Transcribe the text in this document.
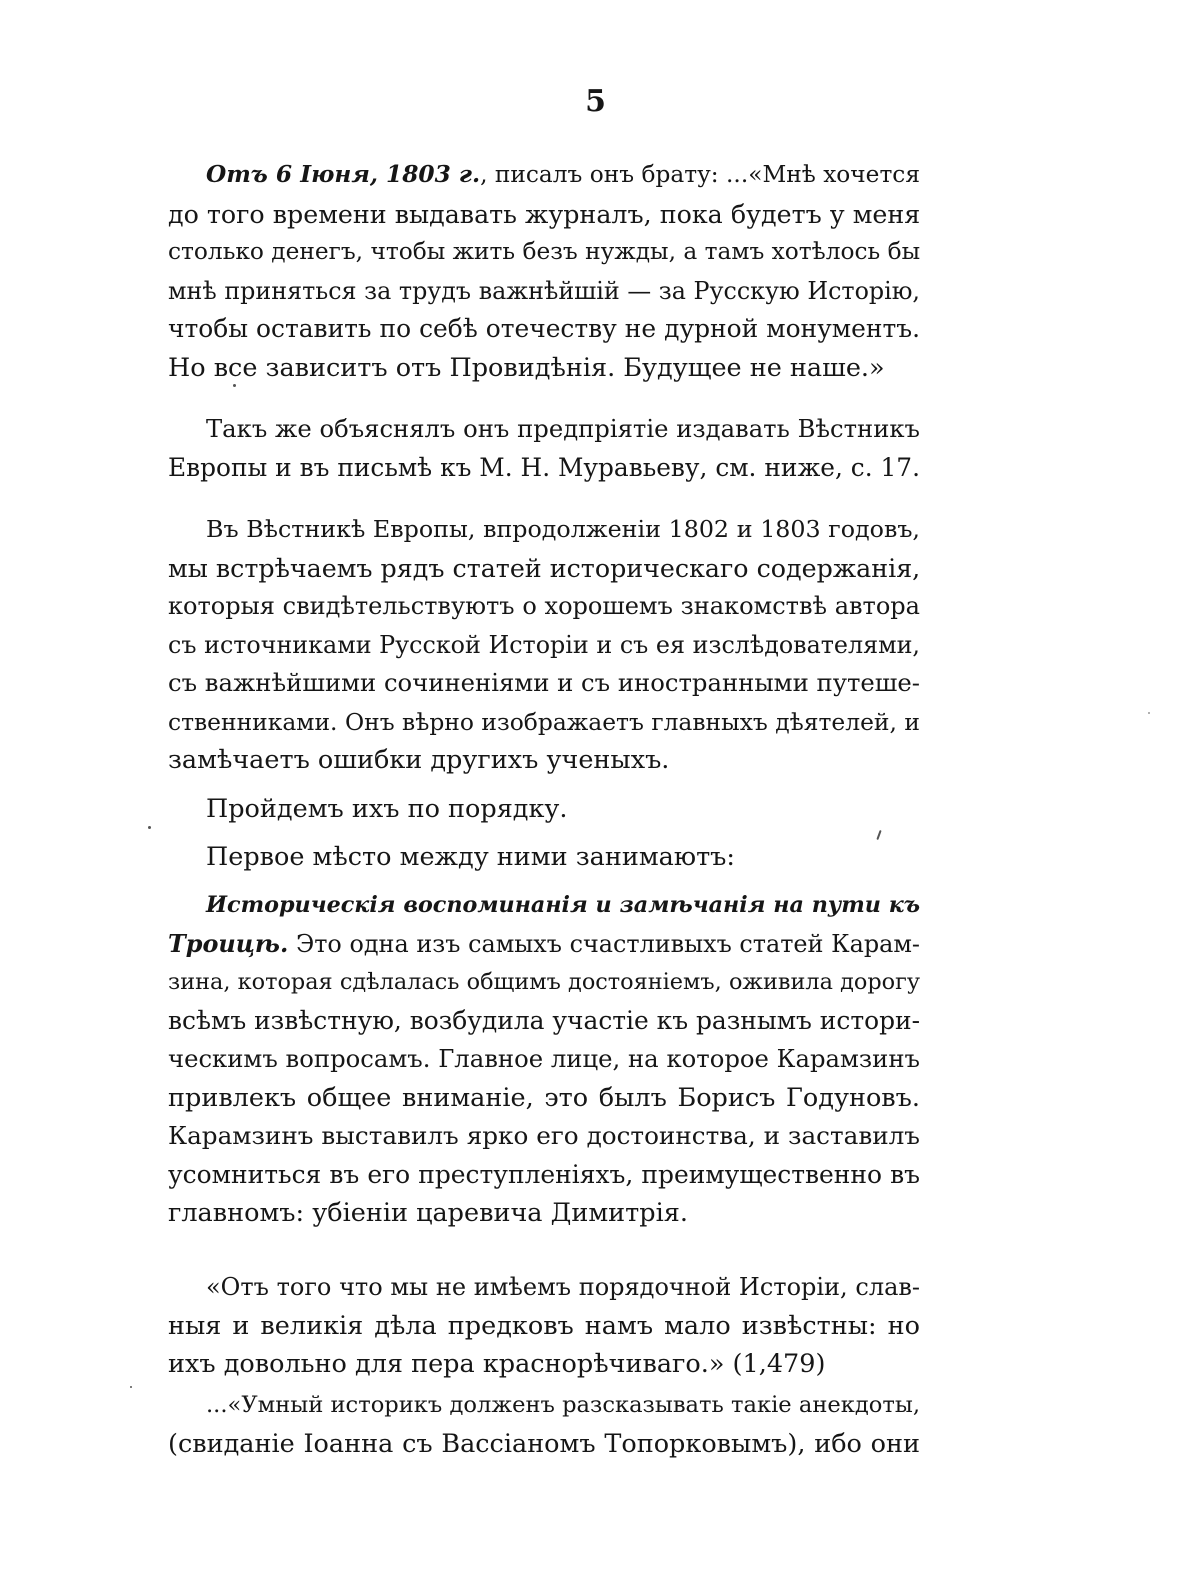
5
Отъ 6 Іюня, 1803 г., писалъ онъ брату: ...«Мнѣ хочется
до того времени выдавать журналъ, пока будетъ у меня
столько денегъ, чтобы жить безъ нужды, а тамъ хотѣлось бы
мнѣ приняться за трудъ важнѣйшій — за Русскую Исторію,
чтобы оставить по себѣ отечеству не дурной монументъ.
Но все зависитъ отъ Провидѣнія. Будущее не наше.»
Такъ же объяснялъ онъ предпріятіе издавать Вѣстникъ
Европы и въ письмѣ къ М. Н. Муравьеву, см. ниже, с. 17.
Въ Вѣстникѣ Европы, впродолженіи 1802 и 1803 годовъ,
мы встрѣчаемъ рядъ статей историческаго содержанія,
которыя свидѣтельствуютъ о хорошемъ знакомствѣ автора
съ источниками Русской Исторіи и съ ея изслѣдователями,
съ важнѣйшими сочиненіями и съ иностранными путеше-
ственниками. Онъ вѣрно изображаетъ главныхъ дѣятелей, и
замѣчаетъ ошибки другихъ ученыхъ.
Пройдемъ ихъ по порядку.
Первое мѣсто между ними занимаютъ:
Историческія воспоминанія и замѣчанія на пути къ
Троицѣ. Это одна изъ самыхъ счастливыхъ статей Карам-
зина, которая сдѣлалась общимъ достояніемъ, оживила дорогу
всѣмъ извѣстную, возбудила участіе къ разнымъ истори-
ческимъ вопросамъ. Главное лице, на которое Карамзинъ
привлекъ общее вниманіе, это былъ Борисъ Годуновъ.
Карамзинъ выставилъ ярко его достоинства, и заставилъ
усомниться въ его преступленіяхъ, преимущественно въ
главномъ: убіеніи царевича Димитрія.
«Отъ того что мы не имѣемъ порядочной Исторіи, слав-
ныя и великія дѣла предковъ намъ мало извѣстны: но
ихъ довольно для пера краснорѣчиваго.» (1,479)
...«Умный историкъ долженъ разсказывать такіе анекдоты,
(свиданіе Іоанна съ Вассіаномъ Топорковымъ), ибо они
